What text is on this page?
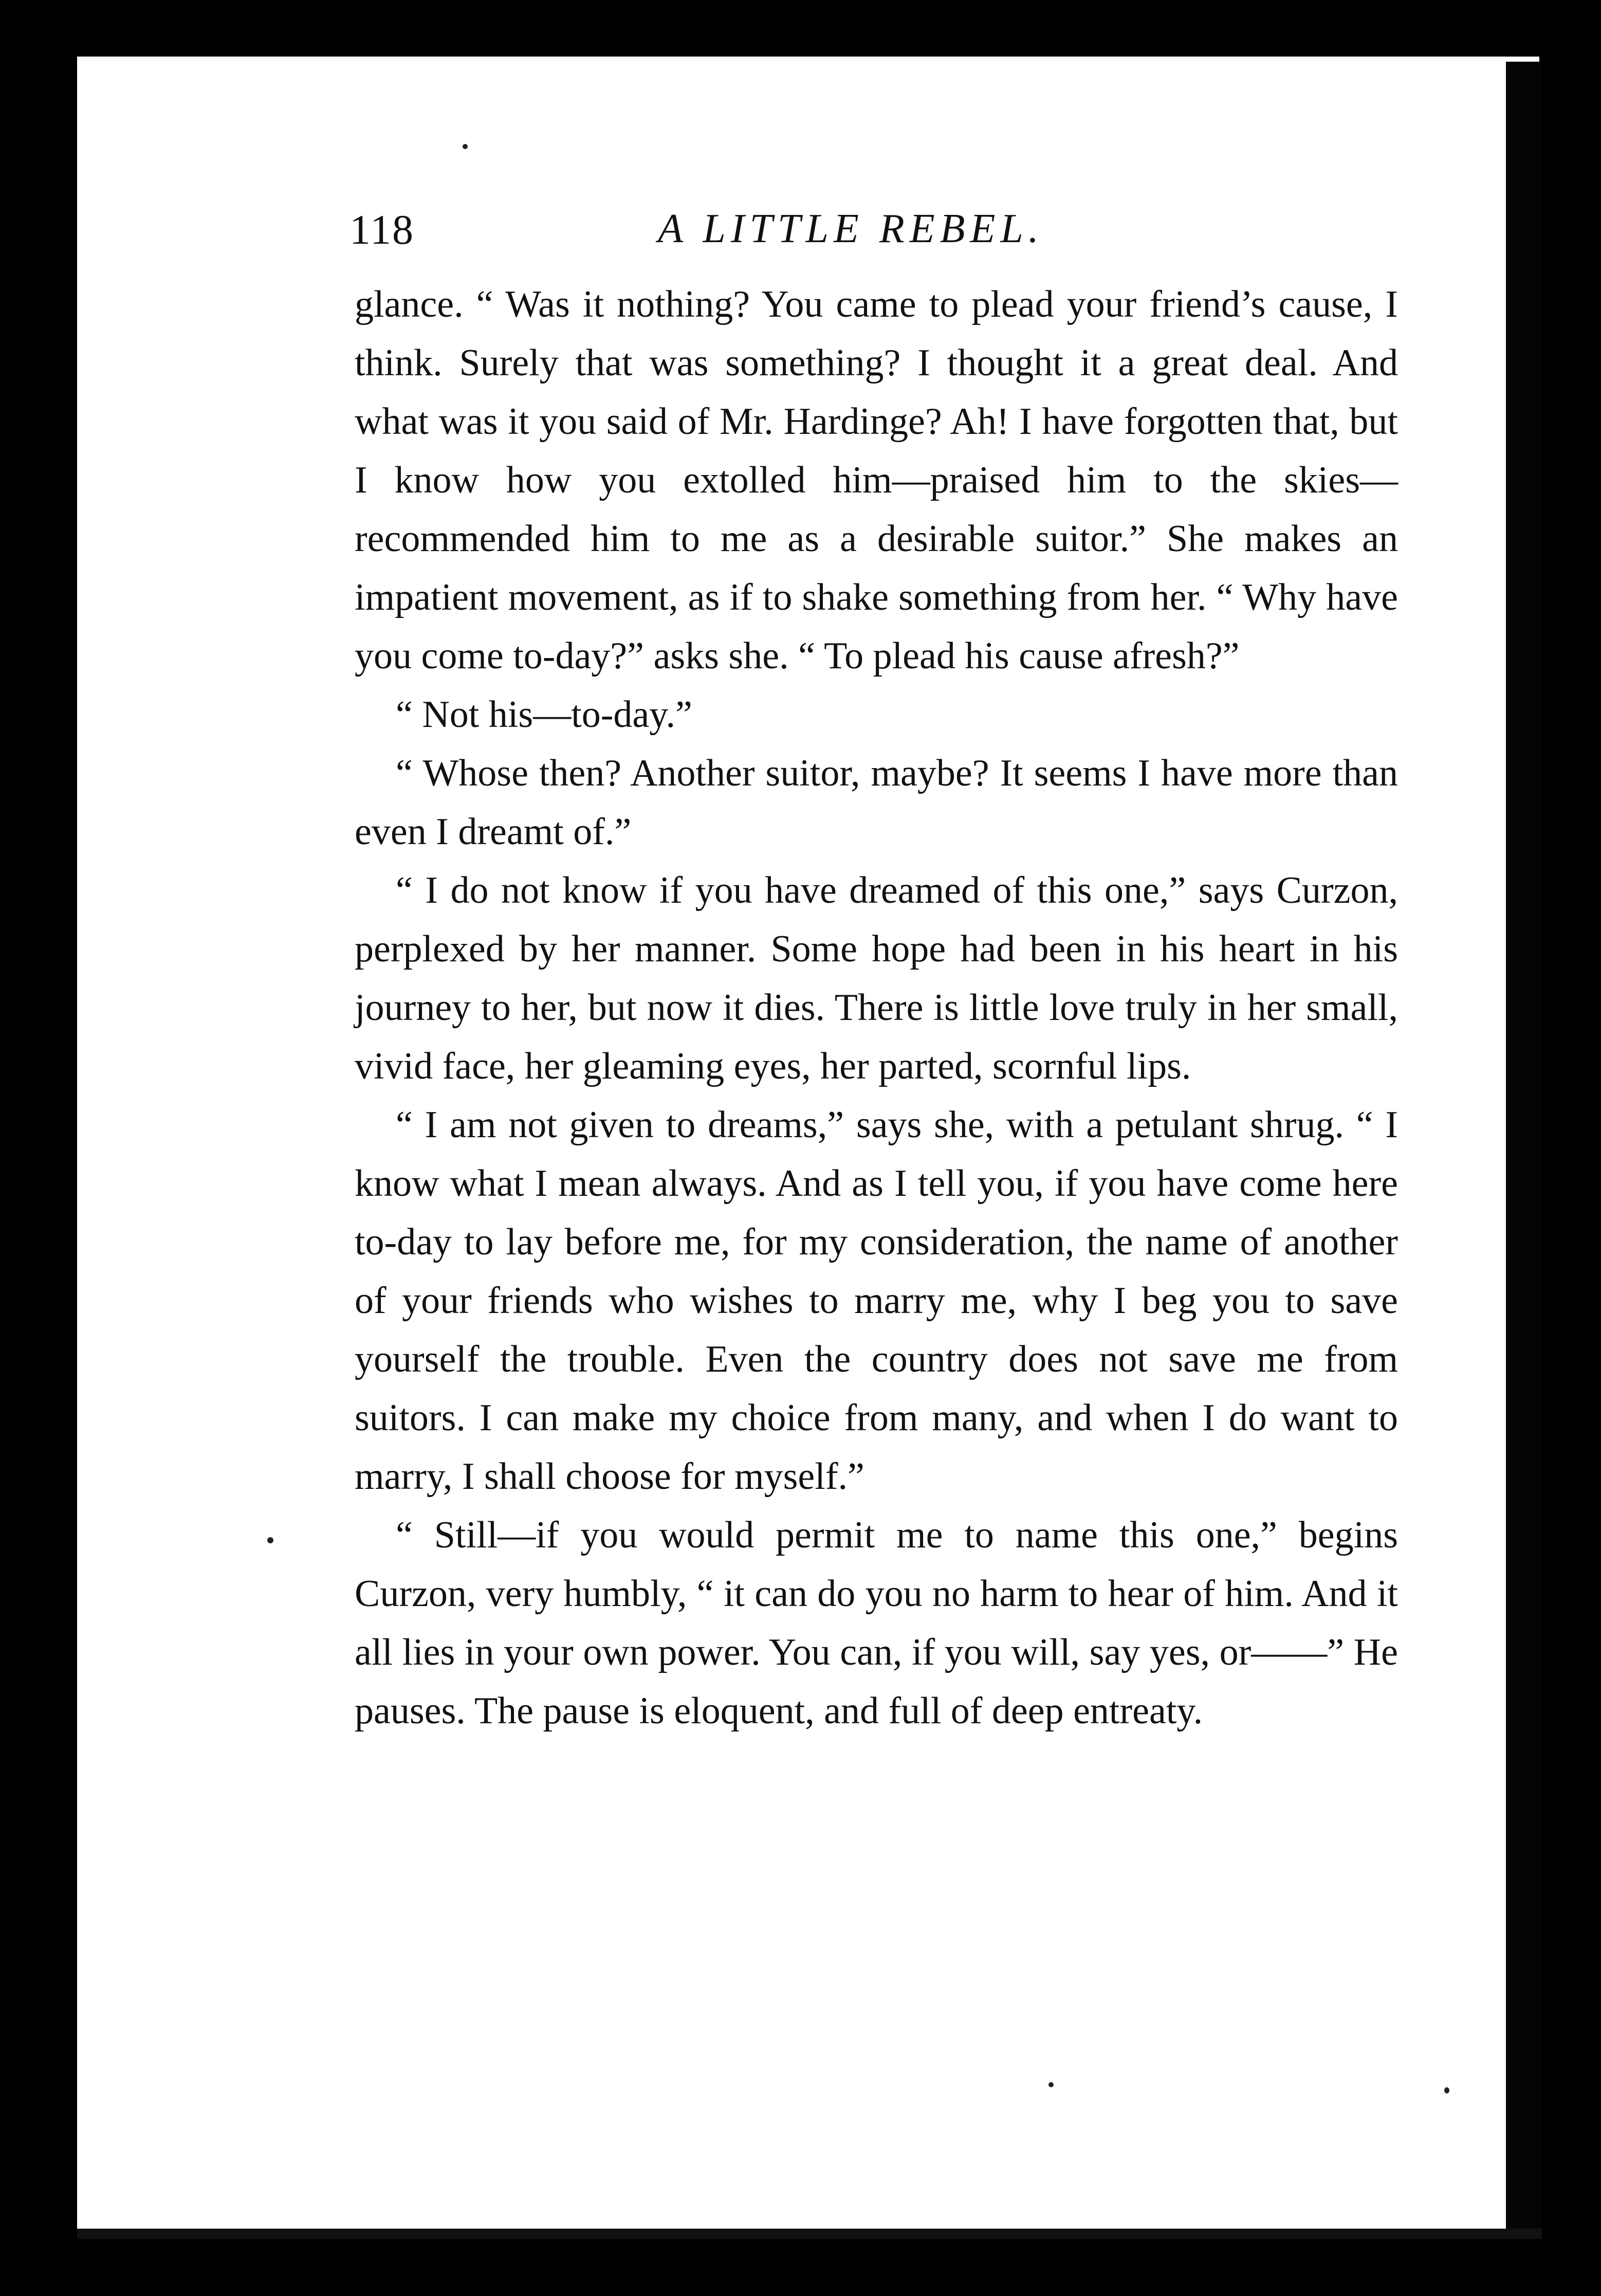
118	A LITTLE REBEL.

glance. “ Was it nothing? You came to plead your friend’s cause, I think. Surely that was something? I thought it a great deal. And what was it you said of Mr. Hardinge? Ah! I have forgotten that, but I know how you extolled him—praised him to the skies—recommended him to me as a desirable suitor.” She makes an impatient movement, as if to shake something from her. “ Why have you come to-day?” asks she. “ To plead his cause afresh?”

“ Not his—to-day.”

“ Whose then? Another suitor, maybe? It seems I have more than even I dreamt of.”

“ I do not know if you have dreamed of this one,” says Curzon, perplexed by her manner. Some hope had been in his heart in his journey to her, but now it dies. There is little love truly in her small, vivid face, her gleaming eyes, her parted, scornful lips.

“ I am not given to dreams,” says she, with a petulant shrug. “ I know what I mean always. And as I tell you, if you have come here to-day to lay before me, for my consideration, the name of another of your friends who wishes to marry me, why I beg you to save yourself the trouble. Even the country does not save me from suitors. I can make my choice from many, and when I do want to marry, I shall choose for myself.”

“ Still—if you would permit me to name this one,” begins Curzon, very humbly, “ it can do you no harm to hear of him. And it all lies in your own power. You can, if you will, say yes, or——” He pauses. The pause is eloquent, and full of deep entreaty.
